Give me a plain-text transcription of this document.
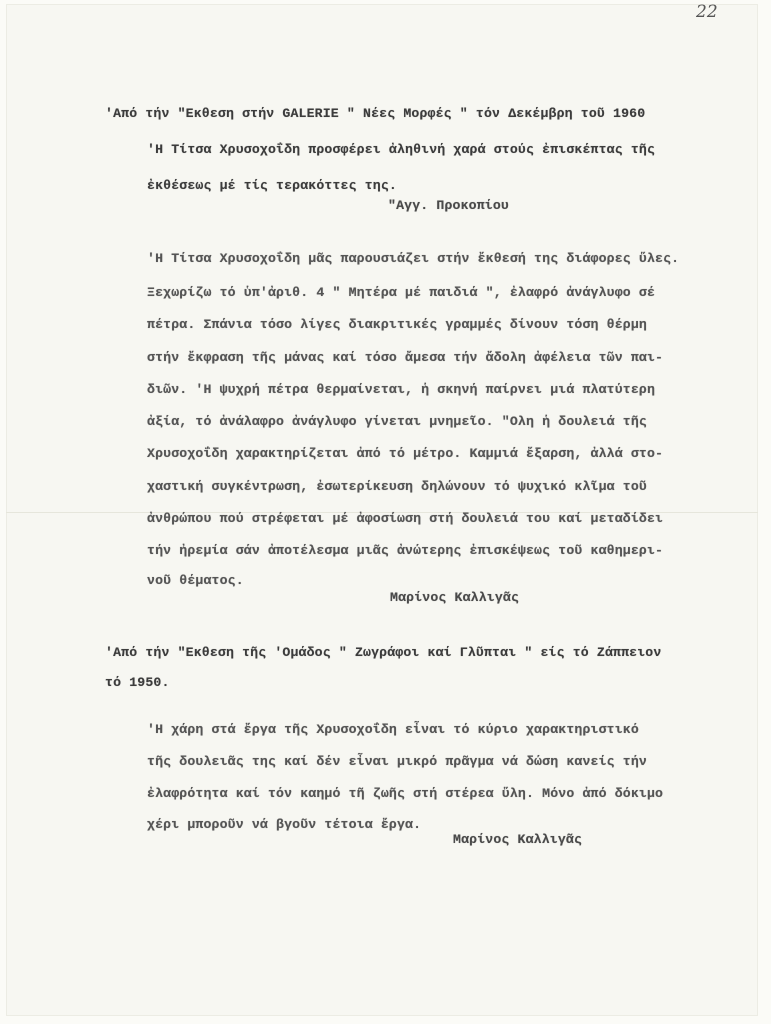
22
'Από τήν "Εκθεση στήν GALERIE " Νέες Μορφές " τόν Δεκέμβρη τοῦ 1960
'Η Τίτσα Χρυσοχοΐδη προσφέρει ἀληθινή χαρά στούς ἐπισκέπτας τῆς
ἐκθέσεως μέ τίς τερακόττες της.
"Αγγ. Προκοπίου
'Η Τίτσα Χρυσοχοΐδη μᾶς παρουσιάζει στήν ἔκθεσή της διάφορες ὕλες.
Ξεχωρίζω τό ὑπ'ἀριθ. 4 " Μητέρα μέ παιδιά ", ἐλαφρό ἀνάγλυφο σέ
πέτρα. Σπάνια τόσο λίγες διακριτικές γραμμές δίνουν τόση θέρμη
στήν ἔκφραση τῆς μάνας καί τόσο ἄμεσα τήν ἄδολη ἀφέλεια τῶν παι-
διῶν. 'Η ψυχρή πέτρα θερμαίνεται, ἡ σκηνή παίρνει μιά πλατύτερη
ἀξία, τό ἀνάλαφρο ἀνάγλυφο γίνεται μνημεῖο. "Ολη ἡ δουλειά τῆς
Χρυσοχοΐδη χαρακτηρίζεται ἀπό τό μέτρο. Καμμιά ἔξαρση, ἀλλά στο-
χαστική συγκέντρωση, ἐσωτερίκευση δηλώνουν τό ψυχικό κλῖμα τοῦ
ἀνθρώπου πού στρέφεται μέ ἀφοσίωση στή δουλειά του καί μεταδίδει
τήν ἠρεμία σάν ἀποτέλεσμα μιᾶς ἀνώτερης ἐπισκέψεως τοῦ καθημερι-
νοῦ θέματος.
Μαρίνος Καλλιγᾶς
'Από τήν "Εκθεση τῆς 'Ομάδος " Ζωγράφοι καί Γλῦπται " είς τό Ζάππειον
τό 1950.
'Η χάρη στά ἔργα τῆς Χρυσοχοΐδη εἶναι τό κύριο χαρακτηριστικό
τῆς δουλειᾶς της καί δέν εἶναι μικρό πρᾶγμα νά δώση κανείς τήν
ἐλαφρότητα καί τόν καημό τῆ ζωῆς στή στέρεα ὕλη. Μόνο ἀπό δόκιμο
χέρι μποροῦν νά βγοῦν τέτοια ἔργα.
Μαρίνος Καλλιγᾶς
